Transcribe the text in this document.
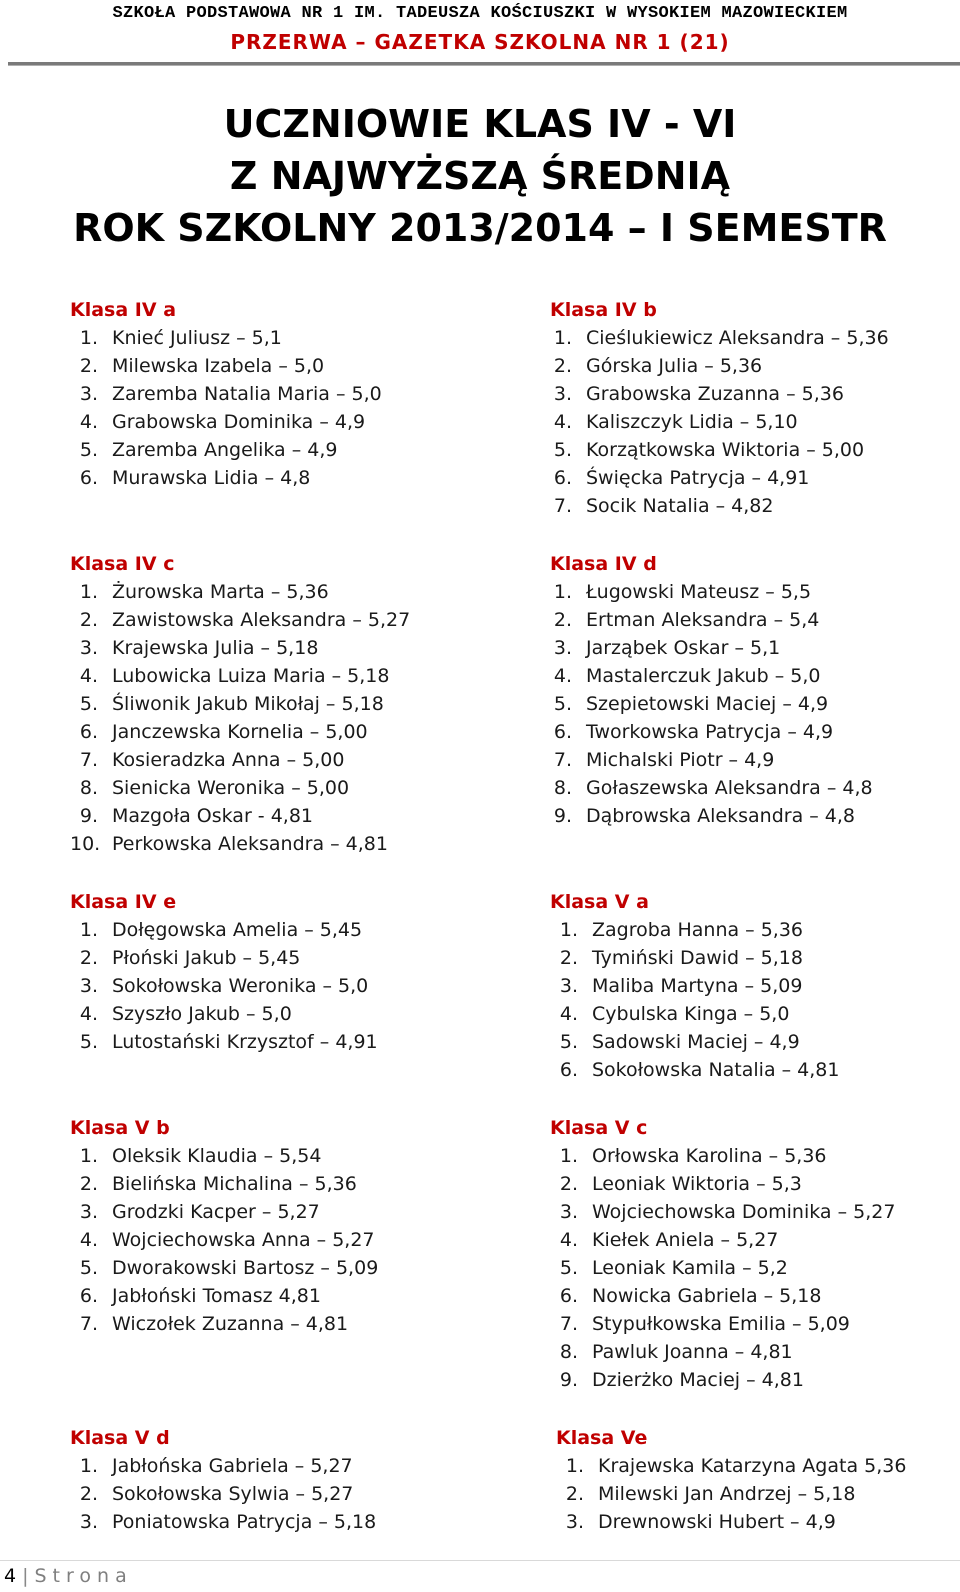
SZKOŁA PODSTAWOWA NR 1 IM. TADEUSZA KOŚCIUSZKI W WYSOKIEM MAZOWIECKIEM
PRZERWA – GAZETKA SZKOLNA NR 1 (21)
UCZNIOWIE KLAS IV - VI
Z NAJWYŻSZĄ ŚREDNIĄ
ROK SZKOLNY 2013/2014 – I SEMESTR
Klasa IV a
1. Knieć Juliusz – 5,1
2. Milewska Izabela – 5,0
3. Zaremba Natalia Maria – 5,0
4. Grabowska Dominika – 4,9
5. Zaremba Angelika – 4,9
6. Murawska Lidia – 4,8
Klasa IV b
1. Cieślukiewicz Aleksandra – 5,36
2. Górska Julia – 5,36
3. Grabowska Zuzanna – 5,36
4. Kaliszczyk Lidia – 5,10
5. Korzątkowska Wiktoria – 5,00
6. Święcka Patrycja – 4,91
7. Socik Natalia – 4,82
Klasa IV c
1. Żurowska Marta – 5,36
2. Zawistowska Aleksandra – 5,27
3. Krajewska Julia – 5,18
4. Lubowicka Luiza Maria – 5,18
5. Śliwonik Jakub Mikołaj – 5,18
6. Janczewska Kornelia – 5,00
7. Kosieradzka Anna – 5,00
8. Sienicka Weronika – 5,00
9. Mazgoła Oskar - 4,81
10. Perkowska Aleksandra – 4,81
Klasa IV d
1. Ługowski Mateusz – 5,5
2. Ertman Aleksandra – 5,4
3. Jarząbek Oskar – 5,1
4. Mastalerczuk Jakub – 5,0
5. Szepietowski Maciej – 4,9
6. Tworkowska Patrycja – 4,9
7. Michalski Piotr – 4,9
8. Gołaszewska Aleksandra – 4,8
9. Dąbrowska Aleksandra – 4,8
Klasa IV e
1. Dołęgowska Amelia – 5,45
2. Płoński Jakub – 5,45
3. Sokołowska Weronika – 5,0
4. Szyszło Jakub – 5,0
5. Lutostański Krzysztof – 4,91
Klasa V a
1. Zagroba Hanna – 5,36
2. Tymiński Dawid – 5,18
3. Maliba Martyna – 5,09
4. Cybulska Kinga – 5,0
5. Sadowski Maciej – 4,9
6. Sokołowska Natalia – 4,81
Klasa V b
1. Oleksik Klaudia – 5,54
2. Bielińska Michalina – 5,36
3. Grodzki Kacper – 5,27
4. Wojciechowska Anna – 5,27
5. Dworakowski Bartosz – 5,09
6. Jabłoński Tomasz 4,81
7. Wiczołek Zuzanna – 4,81
Klasa V c
1. Orłowska Karolina – 5,36
2. Leoniak Wiktoria – 5,3
3. Wojciechowska Dominika – 5,27
4. Kiełek Aniela – 5,27
5. Leoniak Kamila – 5,2
6. Nowicka Gabriela – 5,18
7. Stypułkowska Emilia – 5,09
8. Pawluk Joanna – 4,81
9. Dzierżko Maciej – 4,81
Klasa V d
1. Jabłońska Gabriela – 5,27
2. Sokołowska Sylwia – 5,27
3. Poniatowska Patrycja – 5,18
Klasa Ve
1. Krajewska Katarzyna Agata 5,36
2. Milewski Jan Andrzej – 5,18
3. Drewnowski Hubert – 4,9
4 | Strona
